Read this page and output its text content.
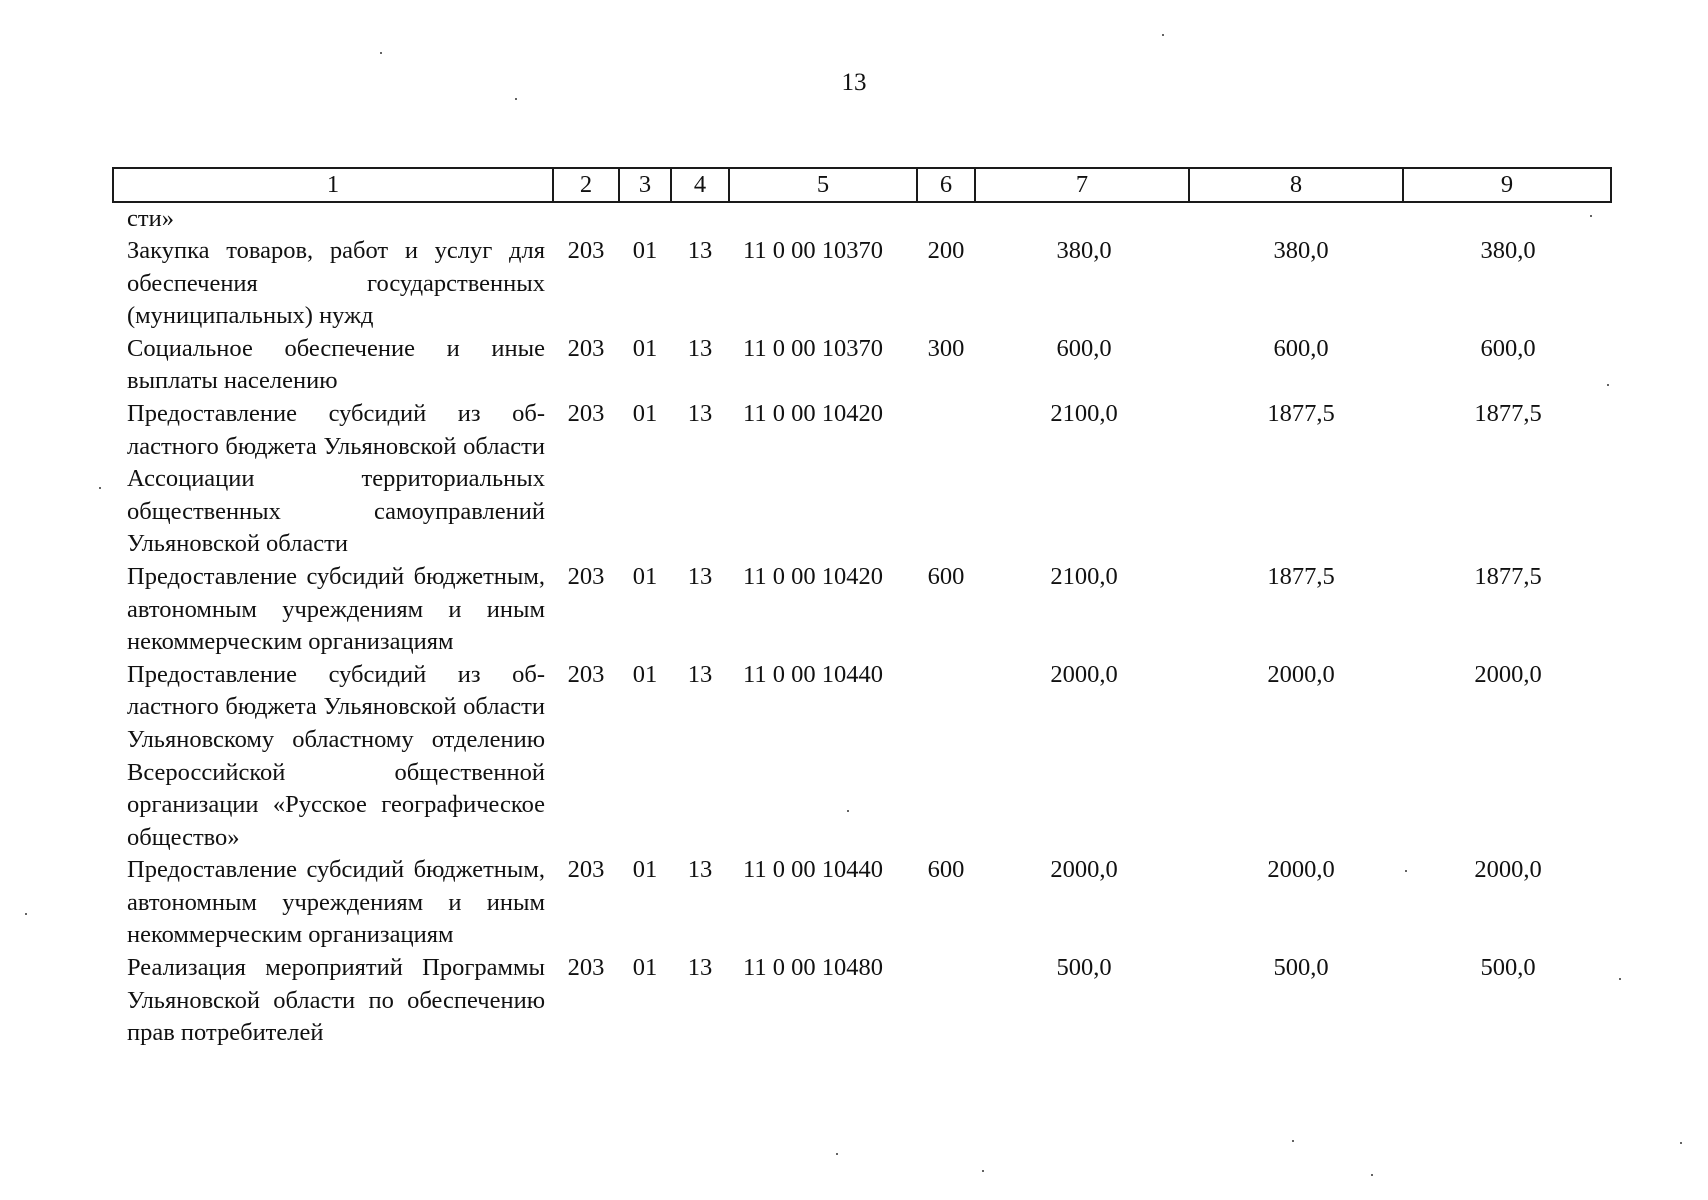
13
1	2	3	4	5	6	7	8	9
сти»								
Закупка товаров, работ и услуг для обеспечения государственных (муниципальных) нужд	203	01	13	11 0 00 10370	200	380,0	380,0	380,0
Социальное обеспечение и иные выплаты населению	203	01	13	11 0 00 10370	300	600,0	600,0	600,0
Предоставление субсидий из областного бюджета Ульяновской области Ассоциации территориальных общественных самоуправлений Ульяновской области	203	01	13	11 0 00 10420		2100,0	1877,5	1877,5
Предоставление субсидий бюджетным, автономным учреждениям и иным некоммерческим организациям	203	01	13	11 0 00 10420	600	2100,0	1877,5	1877,5
Предоставление субсидий из областного бюджета Ульяновской области Ульяновскому областному отделению Всероссийской общественной организации «Русское географическое общество»	203	01	13	11 0 00 10440		2000,0	2000,0	2000,0
Предоставление субсидий бюджетным, автономным учреждениям и иным некоммерческим организациям	203	01	13	11 0 00 10440	600	2000,0	2000,0	2000,0
Реализация мероприятий Программы Ульяновской области по обеспечению прав потребителей	203	01	13	11 0 00 10480		500,0	500,0	500,0
